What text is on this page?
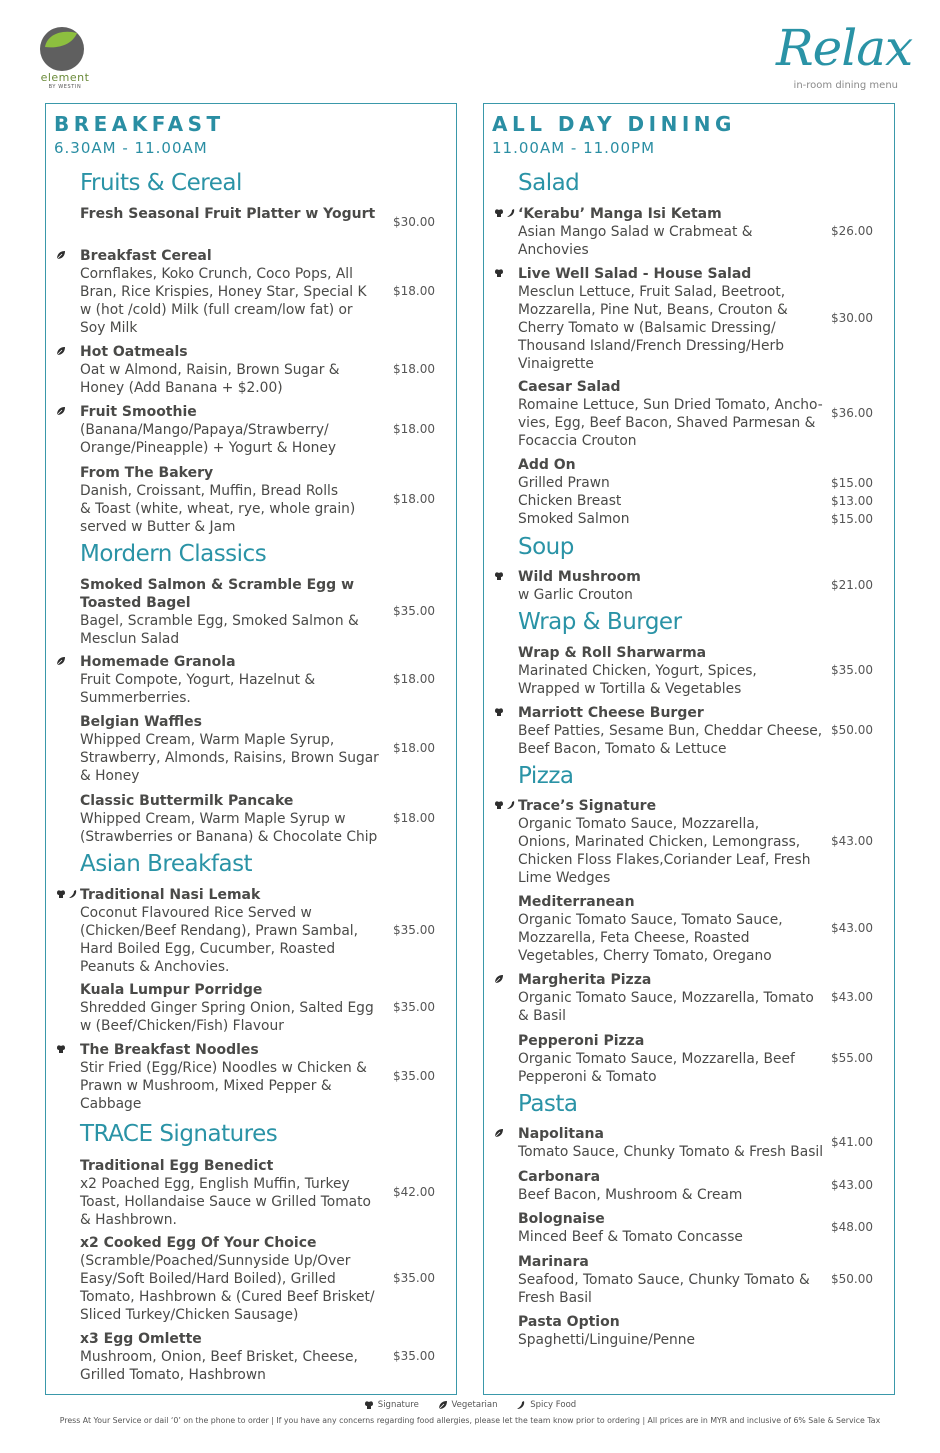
element
BY WESTIN
Relax
in-room dining menu
BREAKFAST
6.30AM - 11.00AM
Fruits & Cereal
Fresh Seasonal Fruit Platter w Yogurt	$30.00
Breakfast Cereal
Cornflakes, Koko Crunch, Coco Pops, All
Bran, Rice Krispies, Honey Star, Special K
w (hot /cold) Milk (full cream/low fat) or
Soy Milk
$18.00
Hot Oatmeals
Oat w Almond, Raisin, Brown Sugar &
Honey (Add Banana + $2.00)
$18.00
Fruit Smoothie
(Banana/Mango/Papaya/Strawberry/
Orange/Pineapple) + Yogurt & Honey
$18.00
From The Bakery
Danish, Croissant, Muffin, Bread Rolls
& Toast (white, wheat, rye, whole grain)
served w Butter & Jam
$18.00
Mordern Classics
Smoked Salmon & Scramble Egg w Toasted Bagel
Bagel, Scramble Egg, Smoked Salmon &
Mesclun Salad
$35.00
Homemade Granola
Fruit Compote, Yogurt, Hazelnut &
Summerberries.
$18.00
Belgian Waffles
Whipped Cream, Warm Maple Syrup,
Strawberry, Almonds, Raisins, Brown Sugar
& Honey
$18.00
Classic Buttermilk Pancake
Whipped Cream, Warm Maple Syrup w
(Strawberries or Banana) & Chocolate Chip
$18.00
Asian Breakfast
Traditional Nasi Lemak
Coconut Flavoured Rice Served w
(Chicken/Beef Rendang), Prawn Sambal,
Hard Boiled Egg, Cucumber, Roasted
Peanuts & Anchovies.
$35.00
Kuala Lumpur Porridge
Shredded Ginger Spring Onion, Salted Egg
w (Beef/Chicken/Fish) Flavour
$35.00
The Breakfast Noodles
Stir Fried (Egg/Rice) Noodles w Chicken &
Prawn w Mushroom, Mixed Pepper &
Cabbage
$35.00
TRACE Signatures
Traditional Egg Benedict
x2 Poached Egg, English Muffin, Turkey
Toast, Hollandaise Sauce w Grilled Tomato
& Hashbrown.
$42.00
x2 Cooked Egg Of Your Choice
(Scramble/Poached/Sunnyside Up/Over
Easy/Soft Boiled/Hard Boiled), Grilled
Tomato, Hashbrown & (Cured Beef Brisket/
Sliced Turkey/Chicken Sausage)
$35.00
x3 Egg Omlette
Mushroom, Onion, Beef Brisket, Cheese,
Grilled Tomato, Hashbrown
$35.00
ALL DAY DINING
11.00AM - 11.00PM
Salad
‘Kerabu’ Manga Isi Ketam
Asian Mango Salad w Crabmeat &
Anchovies
$26.00
Live Well Salad - House Salad
Mesclun Lettuce, Fruit Salad, Beetroot,
Mozzarella, Pine Nut, Beans, Crouton &
Cherry Tomato w (Balsamic Dressing/
Thousand Island/French Dressing/Herb
Vinaigrette
$30.00
Caesar Salad
Romaine Lettuce, Sun Dried Tomato, Ancho-
vies, Egg, Beef Bacon, Shaved Parmesan &
Focaccia Crouton
$36.00
Add On
Grilled Prawn	$15.00
Chicken Breast	$13.00
Smoked Salmon	$15.00
Soup
Wild Mushroom
w Garlic Crouton
$21.00
Wrap & Burger
Wrap & Roll Sharwarma
Marinated Chicken, Yogurt, Spices,
Wrapped w Tortilla & Vegetables
$35.00
Marriott Cheese Burger
Beef Patties, Sesame Bun, Cheddar Cheese,
Beef Bacon, Tomato & Lettuce
$50.00
Pizza
Trace’s Signature
Organic Tomato Sauce, Mozzarella,
Onions, Marinated Chicken, Lemongrass,
Chicken Floss Flakes,Coriander Leaf, Fresh
Lime Wedges
$43.00
Mediterranean
Organic Tomato Sauce, Tomato Sauce,
Mozzarella, Feta Cheese, Roasted
Vegetables, Cherry Tomato, Oregano
$43.00
Margherita Pizza
Organic Tomato Sauce, Mozzarella, Tomato
& Basil
$43.00
Pepperoni Pizza
Organic Tomato Sauce, Mozzarella, Beef
Pepperoni & Tomato
$55.00
Pasta
Napolitana
Tomato Sauce, Chunky Tomato & Fresh Basil
$41.00
Carbonara
Beef Bacon, Mushroom & Cream
$43.00
Bolognaise
Minced Beef & Tomato Concasse
$48.00
Marinara
Seafood, Tomato Sauce, Chunky Tomato &
Fresh Basil
$50.00
Pasta Option
Spaghetti/Linguine/Penne
Signature
	Vegetarian
	Spicy Food
Press At Your Service or dail ‘0’ on the phone to order | If you have any concerns regarding food allergies, please let the team know prior to ordering | All prices are in MYR and inclusive of 6% Sale & Service Tax
